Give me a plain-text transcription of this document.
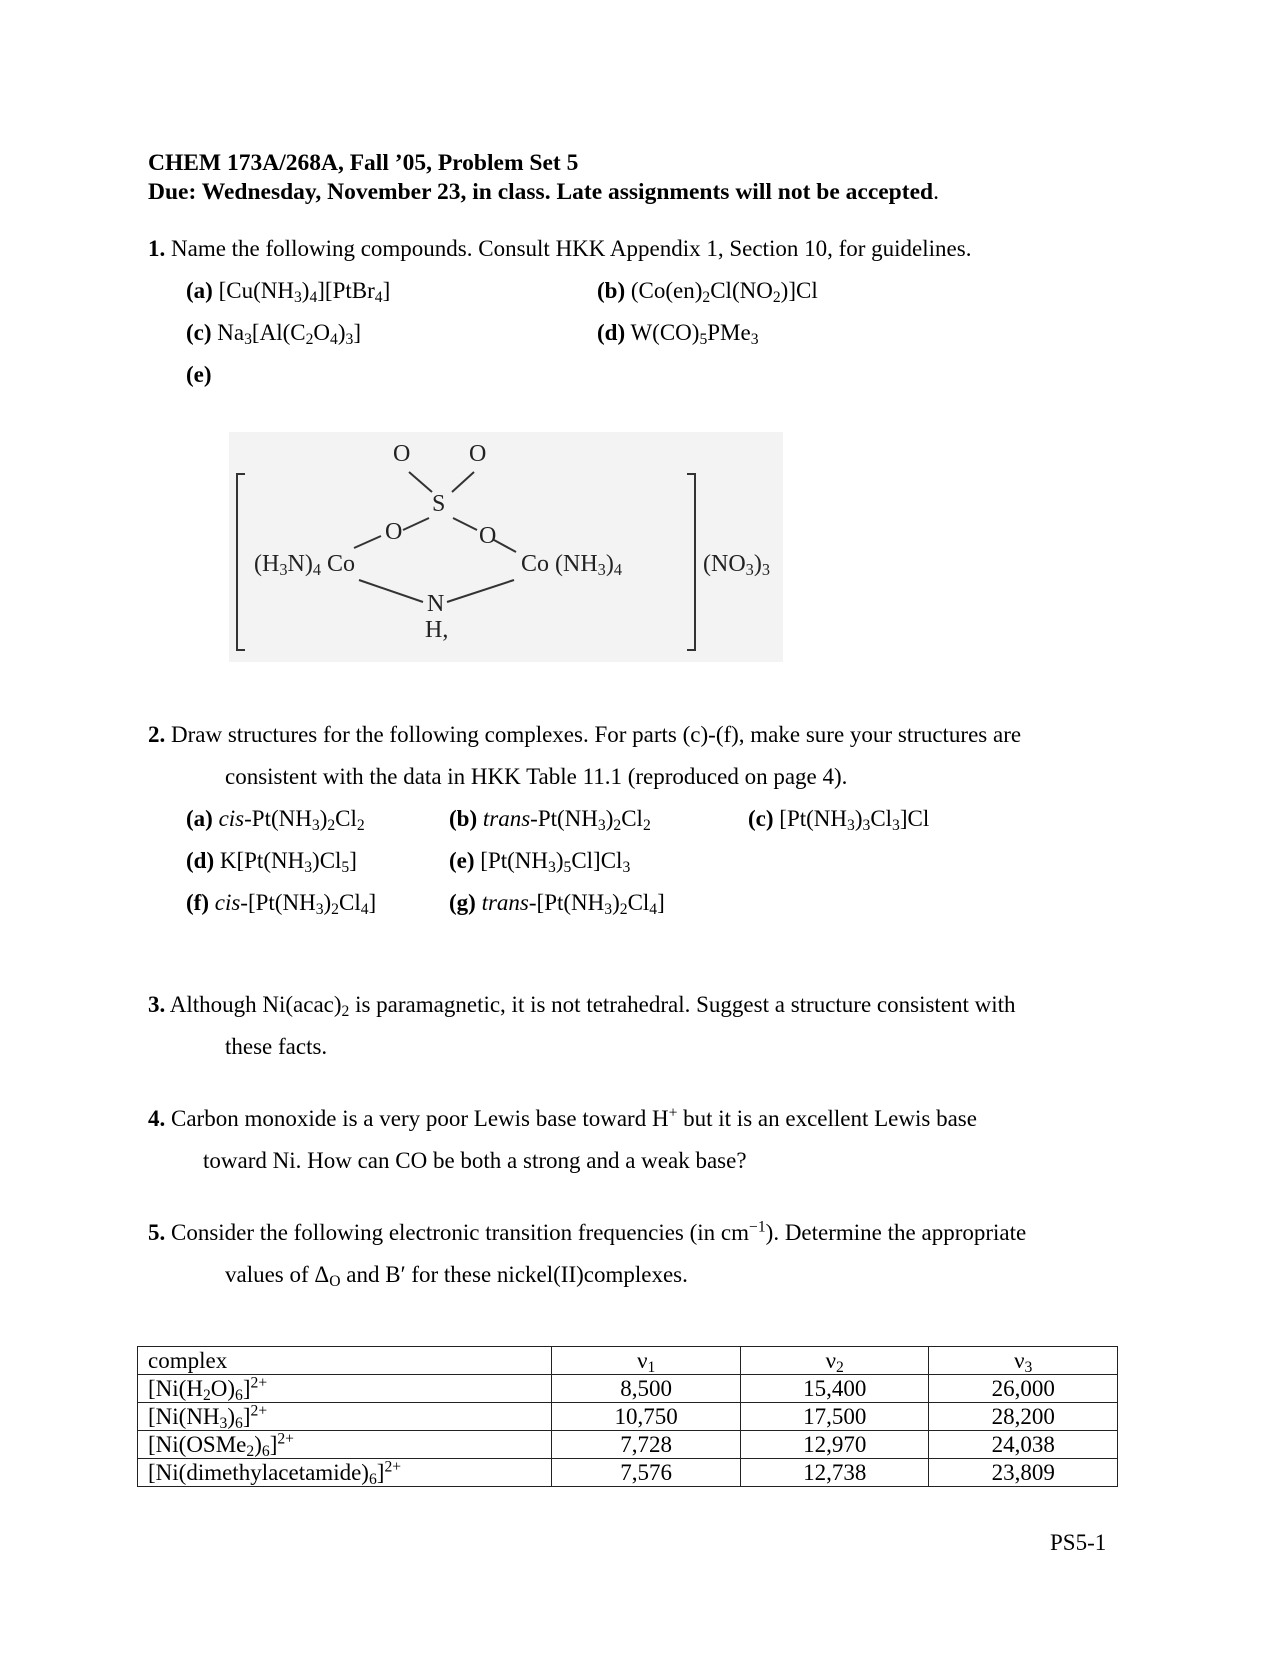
CHEM 173A/268A, Fall ’05, Problem Set 5
Due: Wednesday, November 23, in class. Late assignments will not be accepted.
1. Name the following compounds. Consult HKK Appendix 1, Section 10, for guidelines.
(a) $[Cu(NH_3)_4][PtBr_4]$	(b) $(Co(en)_2Cl(NO_2)]Cl$
(c) $Na_3[Al(C_2O_4)_3]$	(d) $W(CO)_5PMe_3$
(e)
O O
S
O	O
$(H_3N)_4$ Co	Co $(NH_3)_4$	$(NO_3)_3$
N
H,
2. Draw structures for the following complexes. For parts (c)-(f), make sure your structures are
consistent with the data in HKK Table 11.1 (reproduced on page 4).
(a) cis-$Pt(NH_3)_2Cl_2$	(b) trans-$Pt(NH_3)_2Cl_2$	(c) $[Pt(NH_3)_3Cl_3]Cl$
(d) $K[Pt(NH_3)Cl_5]$	(e) $[Pt(NH_3)_5Cl]Cl_3$
(f) cis-$[Pt(NH_3)_2Cl_4]$	(g) trans-$[Pt(NH_3)_2Cl_4]$
3. Although $Ni(acac)_2$ is paramagnetic, it is not tetrahedral. Suggest a structure consistent with
these facts.
4. Carbon monoxide is a very poor Lewis base toward H+ but it is an excellent Lewis base
toward Ni. How can CO be both a strong and a weak base?
5. Consider the following electronic transition frequencies (in $cm^{-1}$). Determine the appropriate
values of $\Delta_O$ and B′ for these nickel(II)complexes.
complex	$\nu_1$	$\nu_2$	$\nu_3$
$[Ni(H_2O)_6]^{2+}$	8,500	15,400	26,000
$[Ni(NH_3)_6]^{2+}$	10,750	17,500	28,200
$[Ni(OSMe_2)_6]^{2+}$	7,728	12,970	24,038
$[Ni(dimethylacetamide)_6]^{2+}$	7,576	12,738	23,809
PS5-1
